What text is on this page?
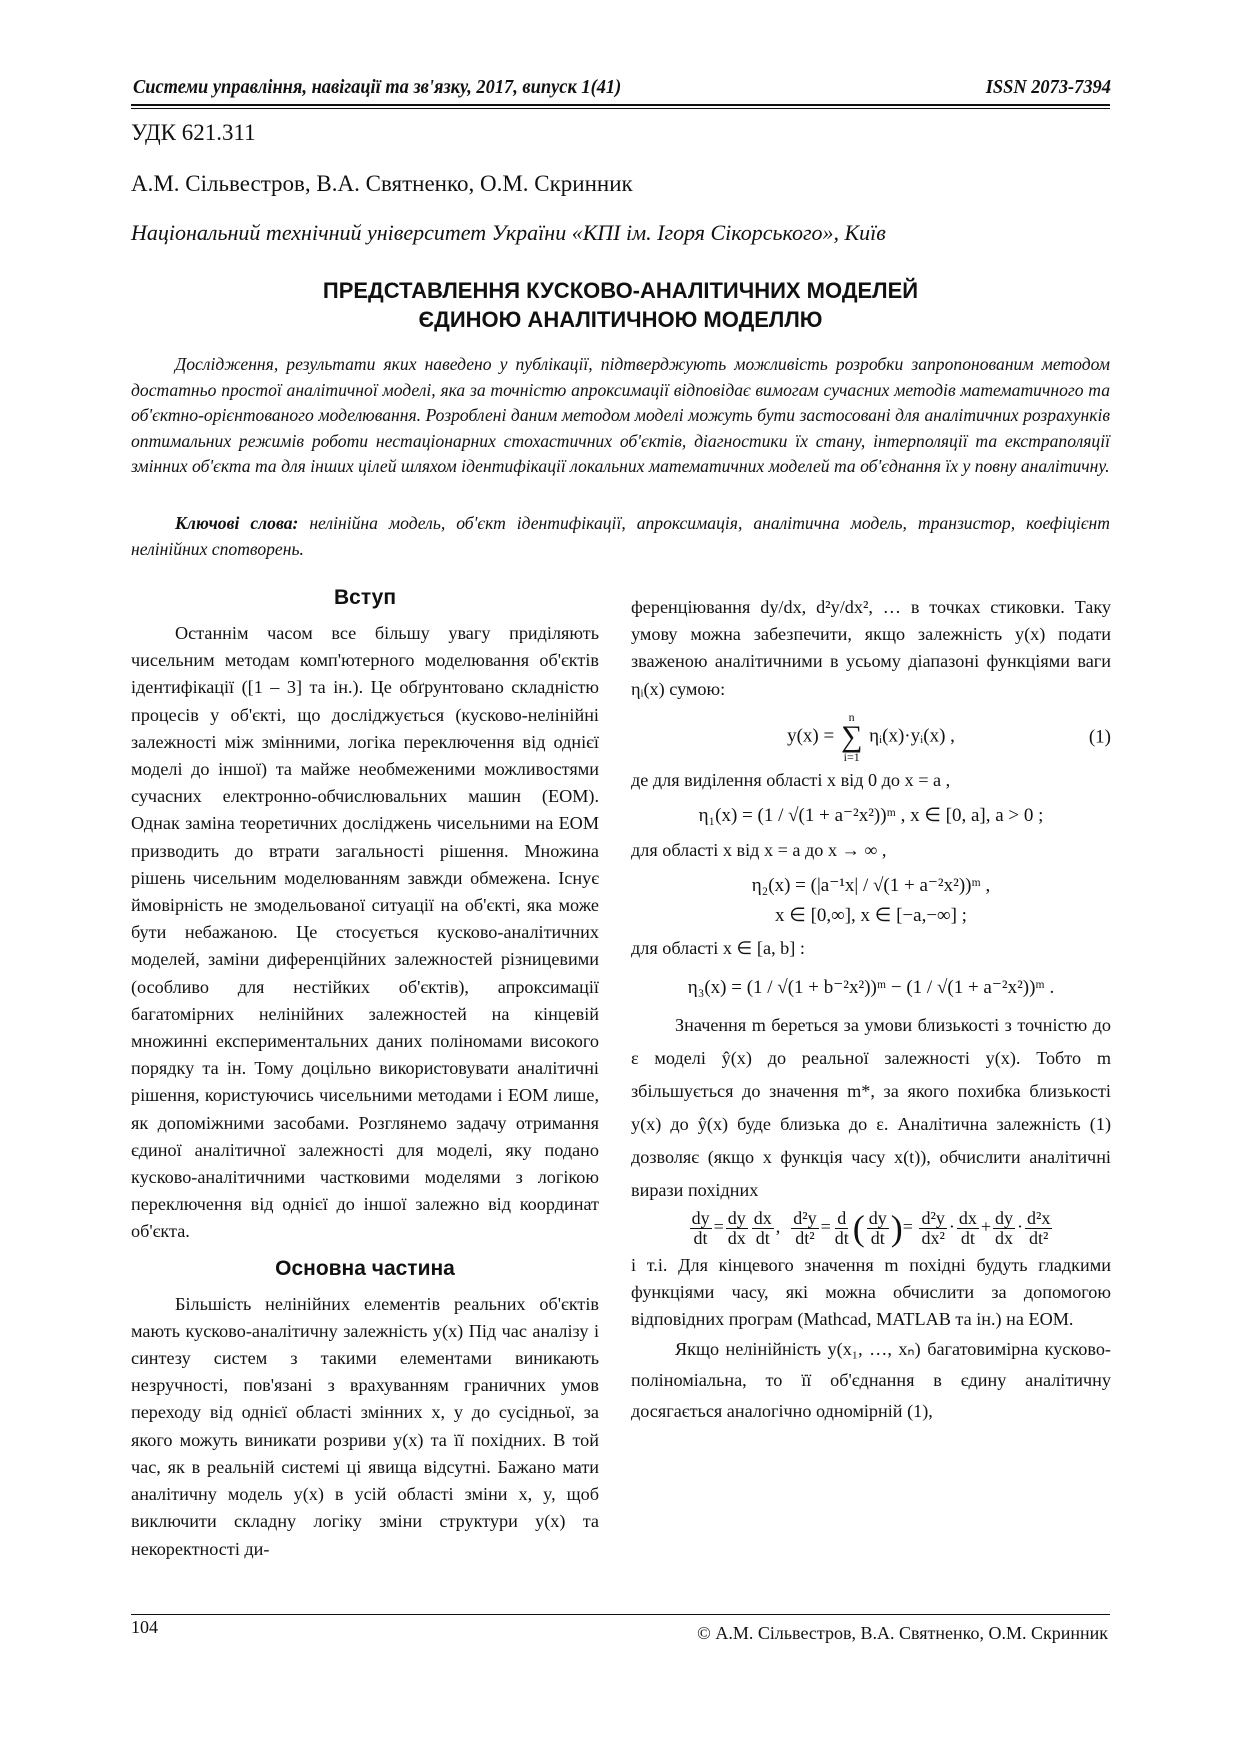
Системи управління, навігації та зв'язку, 2017, випуск 1(41)	ISSN 2073-7394
УДК 621.311
А.М. Сільвестров, В.А. Святненко, О.М. Скринник
Національний технічний університет України «КПІ ім. Ігоря Сікорського», Київ
ПРЕДСТАВЛЕННЯ КУСКОВО-АНАЛІТИЧНИХ МОДЕЛЕЙ
ЄДИНОЮ АНАЛІТИЧНОЮ МОДЕЛЛЮ

Дослідження, результати яких наведено у публікації, підтверджують можливість розробки запропонованим методом достатньо простої аналітичної моделі, яка за точністю апроксимації відповідає вимогам сучасних методів математичного та об'єктно-орієнтованого моделювання. Розроблені даним методом моделі можуть бути застосовані для аналітичних розрахунків оптимальних режимів роботи нестаціонарних стохастичних об'єктів, діагностики їх стану, інтерполяції та екстраполяції змінних об'єкта та для інших цілей шляхом ідентифікації локальних математичних моделей та об'єднання їх у повну аналітичну.

Ключові слова: нелінійна модель, об'єкт ідентифікації, апроксимація, аналітична модель, транзистор, коефіцієнт нелінійних спотворень.

Вступ

Останнім часом все більшу увагу приділяють чисельним методам комп'ютерного моделювання об'єктів ідентифікації ([1 – 3] та ін.). Це обґрунтовано складністю процесів у об'єкті, що досліджується (кусково-нелінійні залежності між змінними, логіка переключення від однієї моделі до іншої) та майже необмеженими можливостями сучасних електронно-обчислювальних машин (ЕОМ). Однак заміна теоретичних досліджень чисельними на ЕОМ призводить до втрати загальності рішення. Множина рішень чисельним моделюванням завжди обмежена. Існує ймовірність не змодельованої ситуації на об'єкті, яка може бути небажаною. Це стосується кусково-аналітичних моделей, заміни диференційних залежностей різницевими (особливо для нестійких об'єктів), апроксимації багатомірних нелінійних залежностей на кінцевій множинні експериментальних даних поліномами високого порядку та ін. Тому доцільно використовувати аналітичні рішення, користуючись чисельними методами і ЕОМ лише, як допоміжними засобами. Розглянемо задачу отримання єдиної аналітичної залежності для моделі, яку подано кусково-аналітичними частковими моделями з логікою переключення від однієї до іншої залежно від координат об'єкта.

Основна частина

Більшість нелінійних елементів реальних об'єктів мають кусково-аналітичну залежність y(x) Під час аналізу і синтезу систем з такими елементами виникають незручності, пов'язані з врахуванням граничних умов переходу від однієї області змінних x, y до сусідньої, за якого можуть виникати розриви y(x) та її похідних. В той час, як в реальній системі ці явища відсутні. Бажано мати аналітичну модель y(x) в усій області зміни x, y, щоб виключити складну логіку зміни структури y(x) та некоректності ди-

ференціювання dy/dx, d²y/dx², … в точках стиковки. Таку умову можна забезпечити, якщо залежність y(x) подати зваженою аналітичними в усьому діапазоні функціями ваги ηᵢ(x) сумою:

y(x) =
n
∑
i=1
ηᵢ(x)·yᵢ(x) ,	(1)

де для виділення області x від 0 до x = a ,

η₁(x) = (1 / √(1 + a⁻²x²))ᵐ , x ∈ [0, a], a > 0 ;

для області x від x = a до x → ∞ ,

η₂(x) = (|a⁻¹x| / √(1 + a⁻²x²))ᵐ ,
x ∈ [0,∞], x ∈ [−a,−∞] ;

для області x ∈ [a, b] :

η₃(x) = (1 / √(1 + b⁻²x²))ᵐ − (1 / √(1 + a⁻²x²))ᵐ .

Значення m береться за умови близькості з точністю до ε моделі ŷ(x) до реальної залежності y(x). Тобто m збільшується до значення m*, за якого похибка близькості y(x) до ŷ(x) буде близька до ε. Аналітична залежність (1) дозволяє (якщо x функція часу x(t)), обчислити аналітичні вирази похідних

$\frac{dy}{dt} = \frac{dy}{dx} \frac{dx}{dt}$ , $\frac{\text{d²y}}{\text{dt²}} = \frac{d}{dt}$ ( $\frac{dy}{dt}$ )= $\frac{\text{d²y}}{\text{dx²}} \cdot \frac{dx}{dt} + \frac{dy}{dx} \cdot \frac{\text{d²x}}{\text{dt²}}$

і т.і. Для кінцевого значення m похідні будуть гладкими функціями часу, які можна обчислити за допомогою відповідних програм (Mathcad, MATLAB та ін.) на ЕОМ.

Якщо нелінійність y(x₁, …, xₙ) багатовимірна кусково-поліноміальна, то її об'єднання в єдину аналітичну досягається аналогічно одномірній (1),

104	© А.М. Сільвестров, В.А. Святненко, О.М. Скринник
